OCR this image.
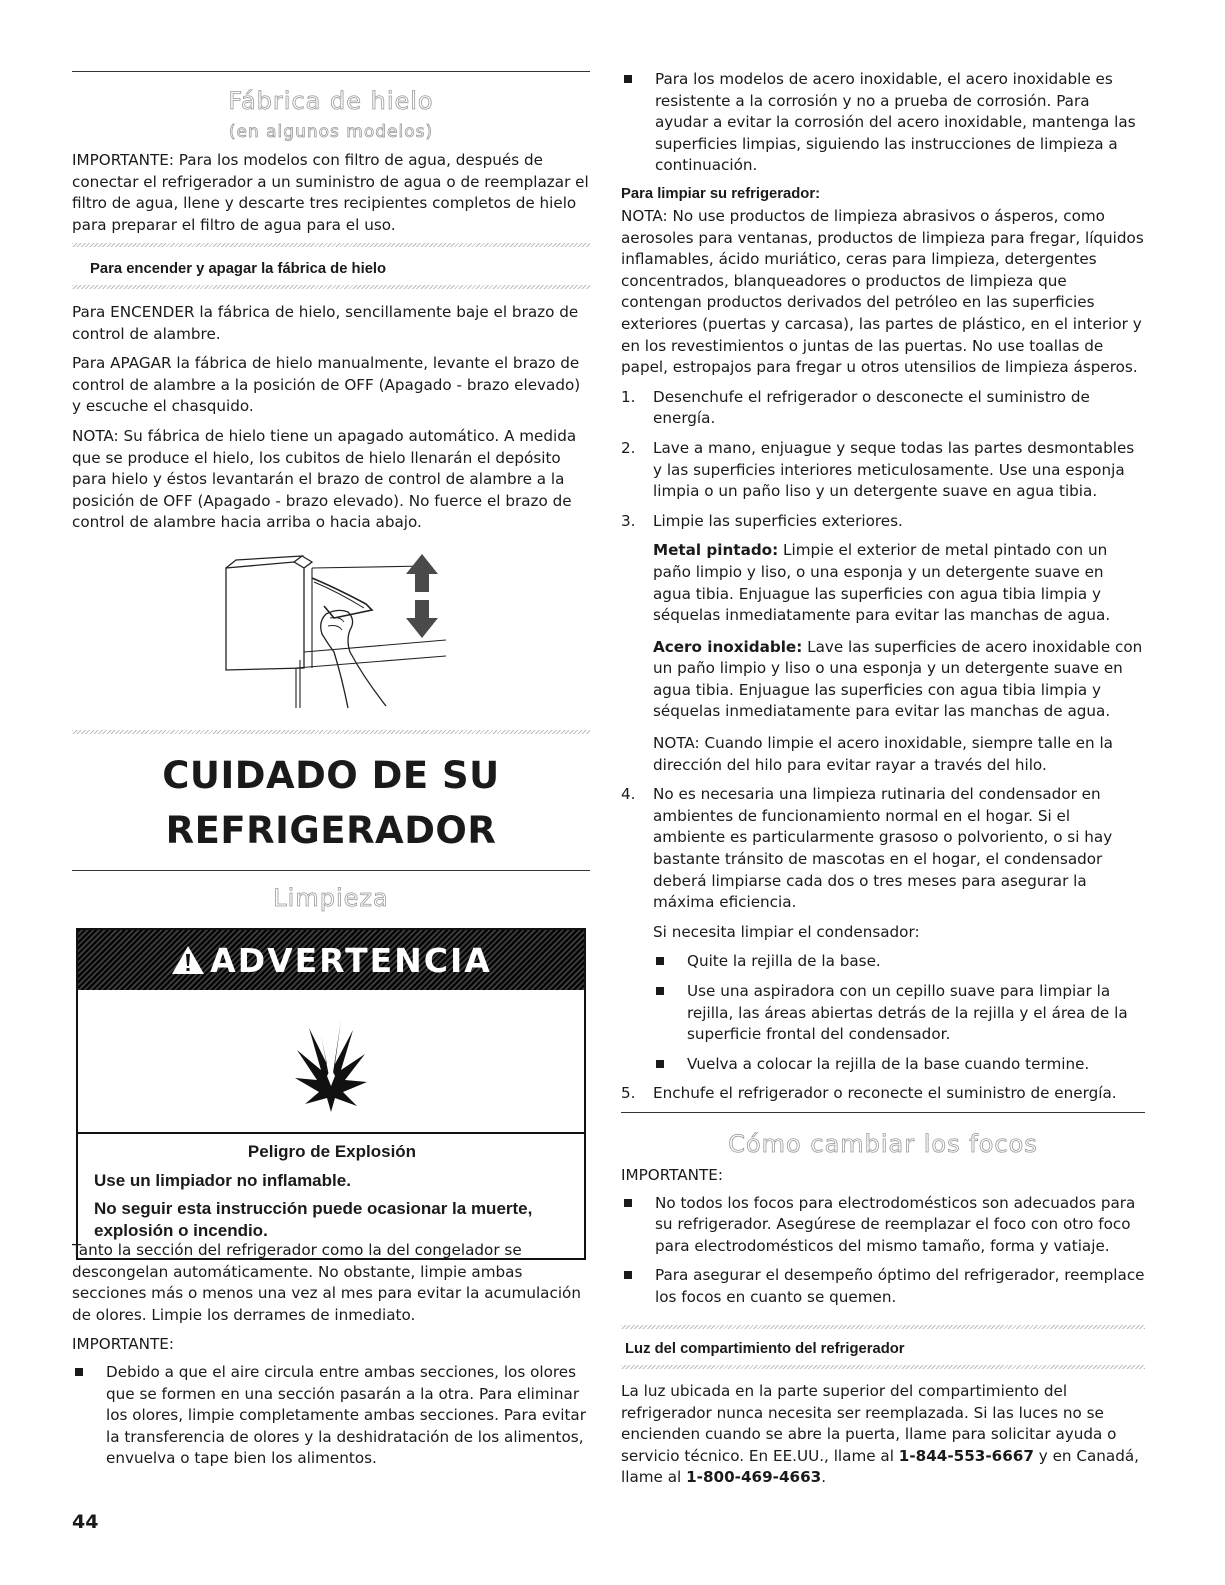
Fábrica de hielo
(en algunos modelos)

IMPORTANTE: Para los modelos con filtro de agua, después de conectar el refrigerador a un suministro de agua o de reemplazar el filtro de agua, llene y descarte tres recipientes completos de hielo para preparar el filtro de agua para el uso.

Para encender y apagar la fábrica de hielo

Para ENCENDER la fábrica de hielo, sencillamente baje el brazo de control de alambre.

Para APAGAR la fábrica de hielo manualmente, levante el brazo de control de alambre a la posición de OFF (Apagado - brazo elevado) y escuche el chasquido.

NOTA: Su fábrica de hielo tiene un apagado automático. A medida que se produce el hielo, los cubitos de hielo llenarán el depósito para hielo y éstos levantarán el brazo de control de alambre a la posición de OFF (Apagado - brazo elevado). No fuerce el brazo de control de alambre hacia arriba o hacia abajo.

CUIDADO DE SU
REFRIGERADOR
Limpieza
ADVERTENCIA
Peligro de Explosión
Use un limpiador no inflamable.
No seguir esta instrucción puede ocasionar la muerte, explosión o incendio.

Tanto la sección del refrigerador como la del congelador se descongelan automáticamente. No obstante, limpie ambas secciones más o menos una vez al mes para evitar la acumulación de olores. Limpie los derrames de inmediato.

IMPORTANTE:

Debido a que el aire circula entre ambas secciones, los olores que se formen en una sección pasarán a la otra. Para eliminar los olores, limpie completamente ambas secciones. Para evitar la transferencia de olores y la deshidratación de los alimentos, envuelva o tape bien los alimentos.
Para los modelos de acero inoxidable, el acero inoxidable es resistente a la corrosión y no a prueba de corrosión. Para ayudar a evitar la corrosión del acero inoxidable, mantenga las superficies limpias, siguiendo las instrucciones de limpieza a continuación.
Para limpiar su refrigerador:

NOTA: No use productos de limpieza abrasivos o ásperos, como aerosoles para ventanas, productos de limpieza para fregar, líquidos inflamables, ácido muriático, ceras para limpieza, detergentes concentrados, blanqueadores o productos de limpieza que contengan productos derivados del petróleo en las superficies exteriores (puertas y carcasa), las partes de plástico, en el interior y en los revestimientos o juntas de las puertas. No use toallas de papel, estropajos para fregar u otros utensilios de limpieza ásperos.

1. Desenchufe el refrigerador o desconecte el suministro de energía.
2. Lave a mano, enjuague y seque todas las partes desmontables y las superficies interiores meticulosamente. Use una esponja limpia o un paño liso y un detergente suave en agua tibia.
3. Limpie las superficies exteriores.

Metal pintado: Limpie el exterior de metal pintado con un paño limpio y liso, o una esponja y un detergente suave en agua tibia. Enjuague las superficies con agua tibia limpia y séquelas inmediatamente para evitar las manchas de agua.

Acero inoxidable: Lave las superficies de acero inoxidable con un paño limpio y liso o una esponja y un detergente suave en agua tibia. Enjuague las superficies con agua tibia limpia y séquelas inmediatamente para evitar las manchas de agua.

NOTA: Cuando limpie el acero inoxidable, siempre talle en la dirección del hilo para evitar rayar a través del hilo.

4. No es necesaria una limpieza rutinaria del condensador en ambientes de funcionamiento normal en el hogar. Si el ambiente es particularmente grasoso o polvoriento, o si hay bastante tránsito de mascotas en el hogar, el condensador deberá limpiarse cada dos o tres meses para asegurar la máxima eficiencia.

Si necesita limpiar el condensador:

Quite la rejilla de la base.
Use una aspiradora con un cepillo suave para limpiar la rejilla, las áreas abiertas detrás de la rejilla y el área de la superficie frontal del condensador.
Vuelva a colocar la rejilla de la base cuando termine.
5. Enchufe el refrigerador o reconecte el suministro de energía.
Cómo cambiar los focos

IMPORTANTE:

No todos los focos para electrodomésticos son adecuados para su refrigerador. Asegúrese de reemplazar el foco con otro foco para electrodomésticos del mismo tamaño, forma y vatiaje.
Para asegurar el desempeño óptimo del refrigerador, reemplace los focos en cuanto se quemen.
Luz del compartimiento del refrigerador

La luz ubicada en la parte superior del compartimiento del refrigerador nunca necesita ser reemplazada. Si las luces no se encienden cuando se abre la puerta, llame para solicitar ayuda o servicio técnico. En EE.UU., llame al 1-844-553-6667 y en Canadá, llame al 1-800-469-4663.

44
